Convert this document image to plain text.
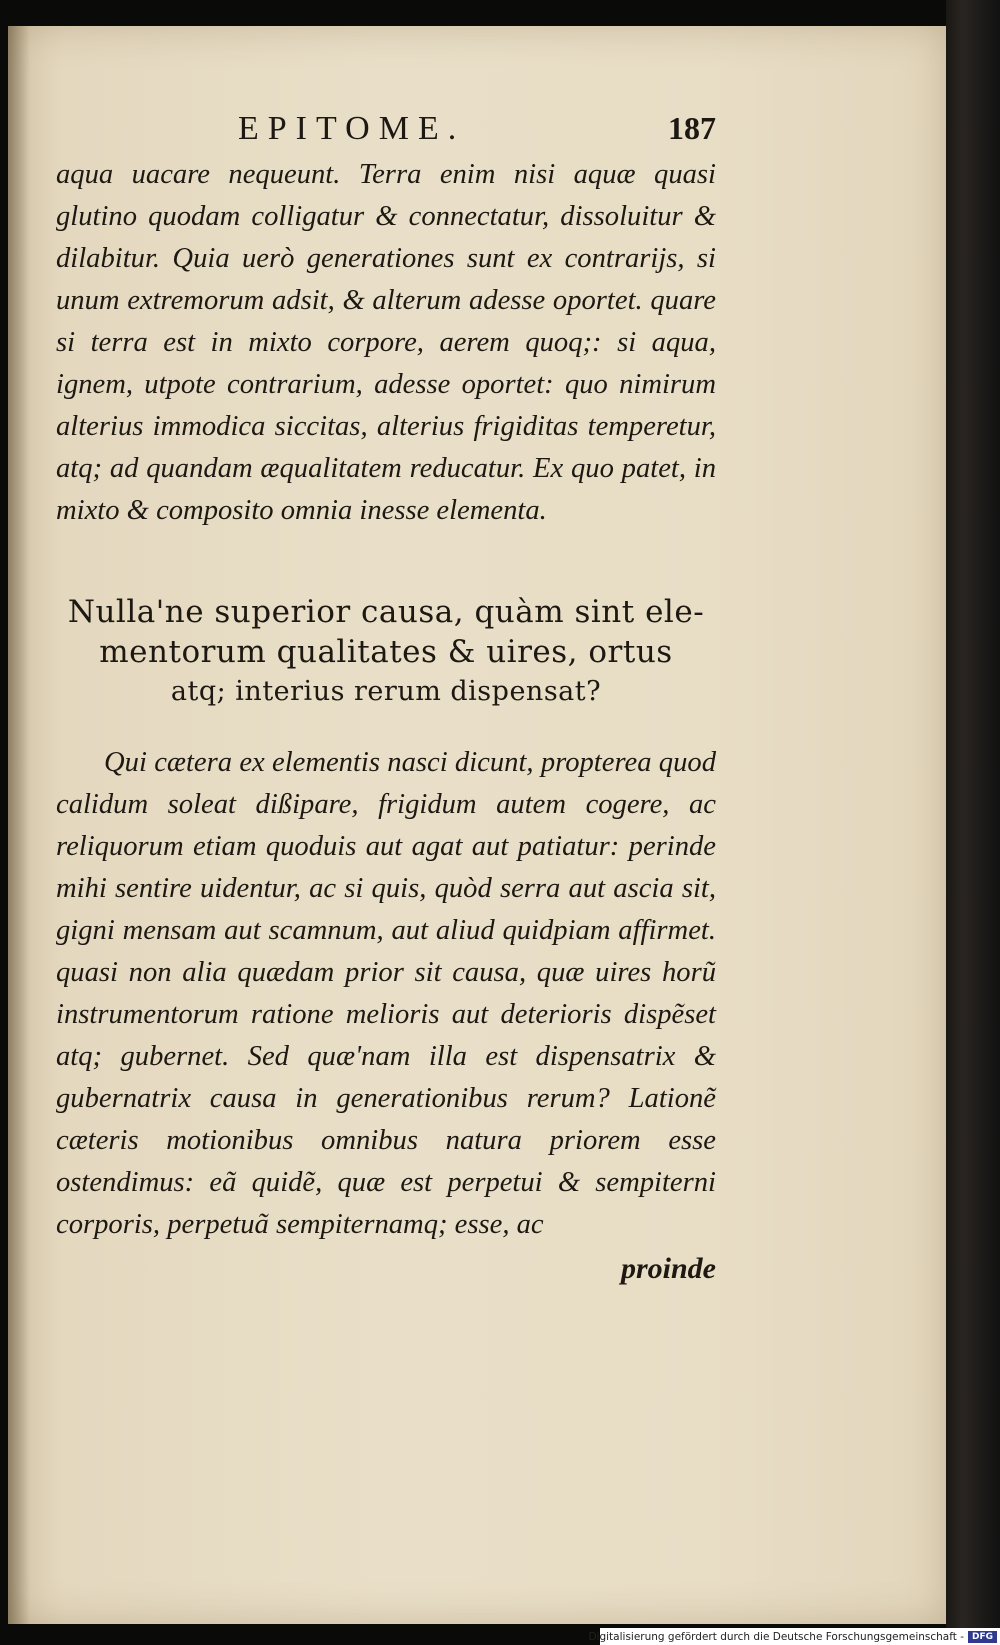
EPITOME.	187

aqua uacare nequeunt. Terra enim nisi aquæ quasi glutino quodam colligatur & connectatur, dissoluitur & dilabitur. Quia uerò generationes sunt ex contrarijs, si unum extremorum adsit, & alterum adesse oportet. quare si terra est in mixto corpore, aerem quoq;: si aqua, ignem, utpote contrarium, adesse oportet: quo nimirum alterius immodica siccitas, alterius frigiditas temperetur, atq; ad quandam æqualitatem reducatur. Ex quo patet, in mixto & composito omnia inesse elementa.

Nulla'ne superior causa, quàm sint ele-
mentorum qualitates & uires, ortus
atq; interius rerum dispensat?

Qui cætera ex elementis nasci dicunt, propterea quod calidum soleat dißipare, frigidum autem cogere, ac reliquorum etiam quoduis aut agat aut patiatur: perinde mihi sentire uidentur, ac si quis, quòd serra aut ascia sit, gigni mensam aut scamnum, aut aliud quidpiam affirmet. quasi non alia quædam prior sit causa, quæ uires horũ instrumentorum ratione melioris aut deterioris dispẽset atq; gubernet. Sed quæ'nam illa est dispensatrix & gubernatrix causa in generationibus rerum? Lationẽ cæteris motionibus omnibus natura priorem esse ostendimus: eã quidẽ, quæ est perpetui & sempiterni corporis, perpetuã sempiternamq; esse, ac

proinde
Digitalisierung gefördert durch die Deutsche Forschungsgemeinschaft - DFG
